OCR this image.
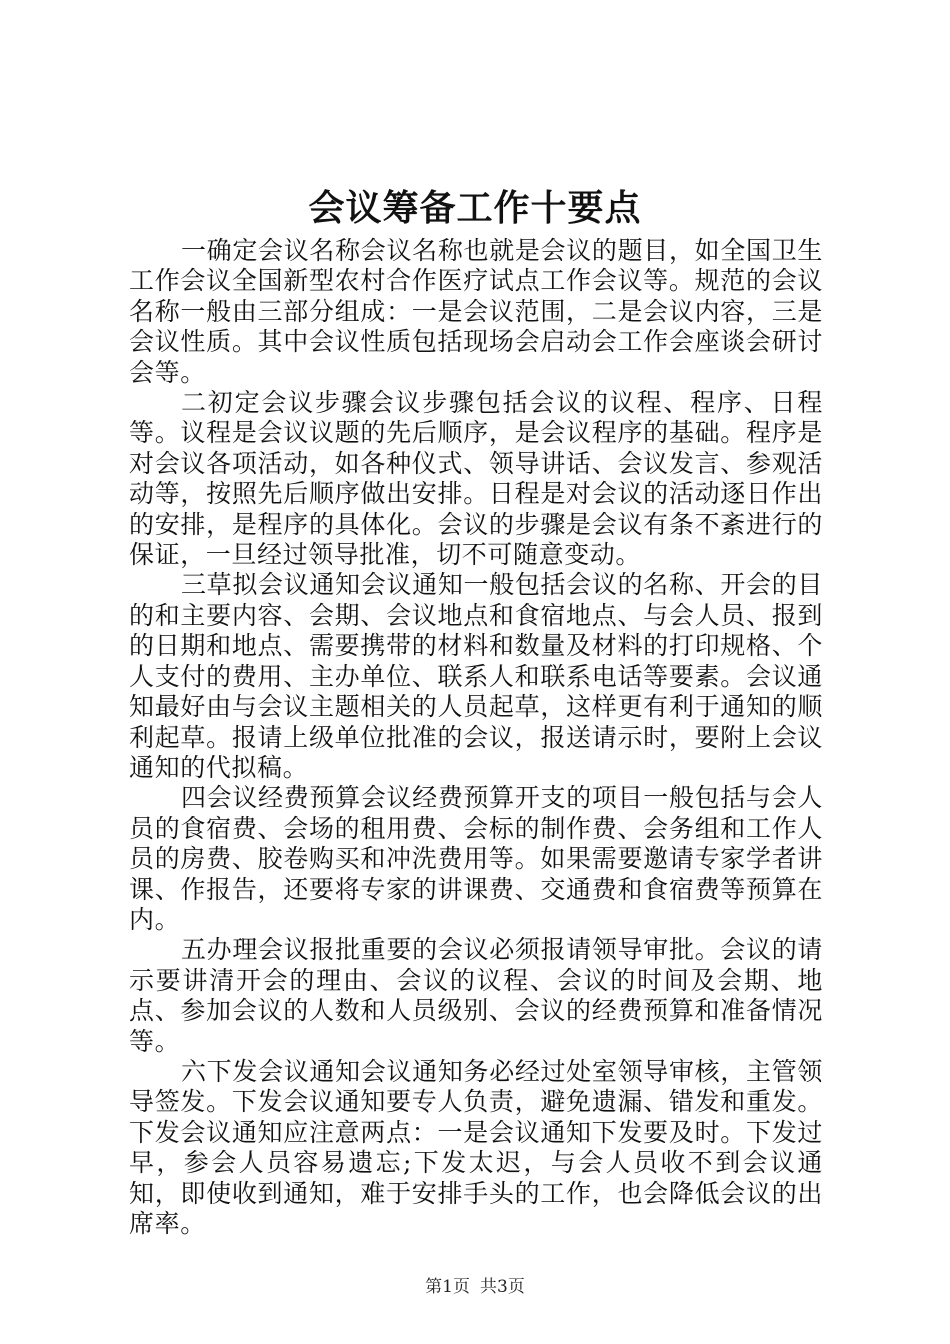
会议筹备工作十要点

一确定会议名称会议名称也就是会议的题目，如全国卫生工作会议全国新型农村合作医疗试点工作会议等。规范的会议名称一般由三部分组成：一是会议范围，二是会议内容，三是会议性质。其中会议性质包括现场会启动会工作会座谈会研讨会等。

二初定会议步骤会议步骤包括会议的议程、程序、日程等。议程是会议议题的先后顺序，是会议程序的基础。程序是对会议各项活动，如各种仪式、领导讲话、会议发言、参观活动等，按照先后顺序做出安排。日程是对会议的活动逐日作出的安排，是程序的具体化。会议的步骤是会议有条不紊进行的保证，一旦经过领导批准，切不可随意变动。

三草拟会议通知会议通知一般包括会议的名称、开会的目的和主要内容、会期、会议地点和食宿地点、与会人员、报到的日期和地点、需要携带的材料和数量及材料的打印规格、个人支付的费用、主办单位、联系人和联系电话等要素。会议通知最好由与会议主题相关的人员起草，这样更有利于通知的顺利起草。报请上级单位批准的会议，报送请示时，要附上会议通知的代拟稿。

四会议经费预算会议经费预算开支的项目一般包括与会人员的食宿费、会场的租用费、会标的制作费、会务组和工作人员的房费、胶卷购买和冲洗费用等。如果需要邀请专家学者讲课、作报告，还要将专家的讲课费、交通费和食宿费等预算在内。

五办理会议报批重要的会议必须报请领导审批。会议的请示要讲清开会的理由、会议的议程、会议的时间及会期、地点、参加会议的人数和人员级别、会议的经费预算和准备情况等。

六下发会议通知会议通知务必经过处室领导审核，主管领导签发。下发会议通知要专人负责，避免遗漏、错发和重发。下发会议通知应注意两点：一是会议通知下发要及时。下发过早，参会人员容易遗忘;下发太迟，与会人员收不到会议通知，即使收到通知，难于安排手头的工作，也会降低会议的出席率。

第1页 共3页
